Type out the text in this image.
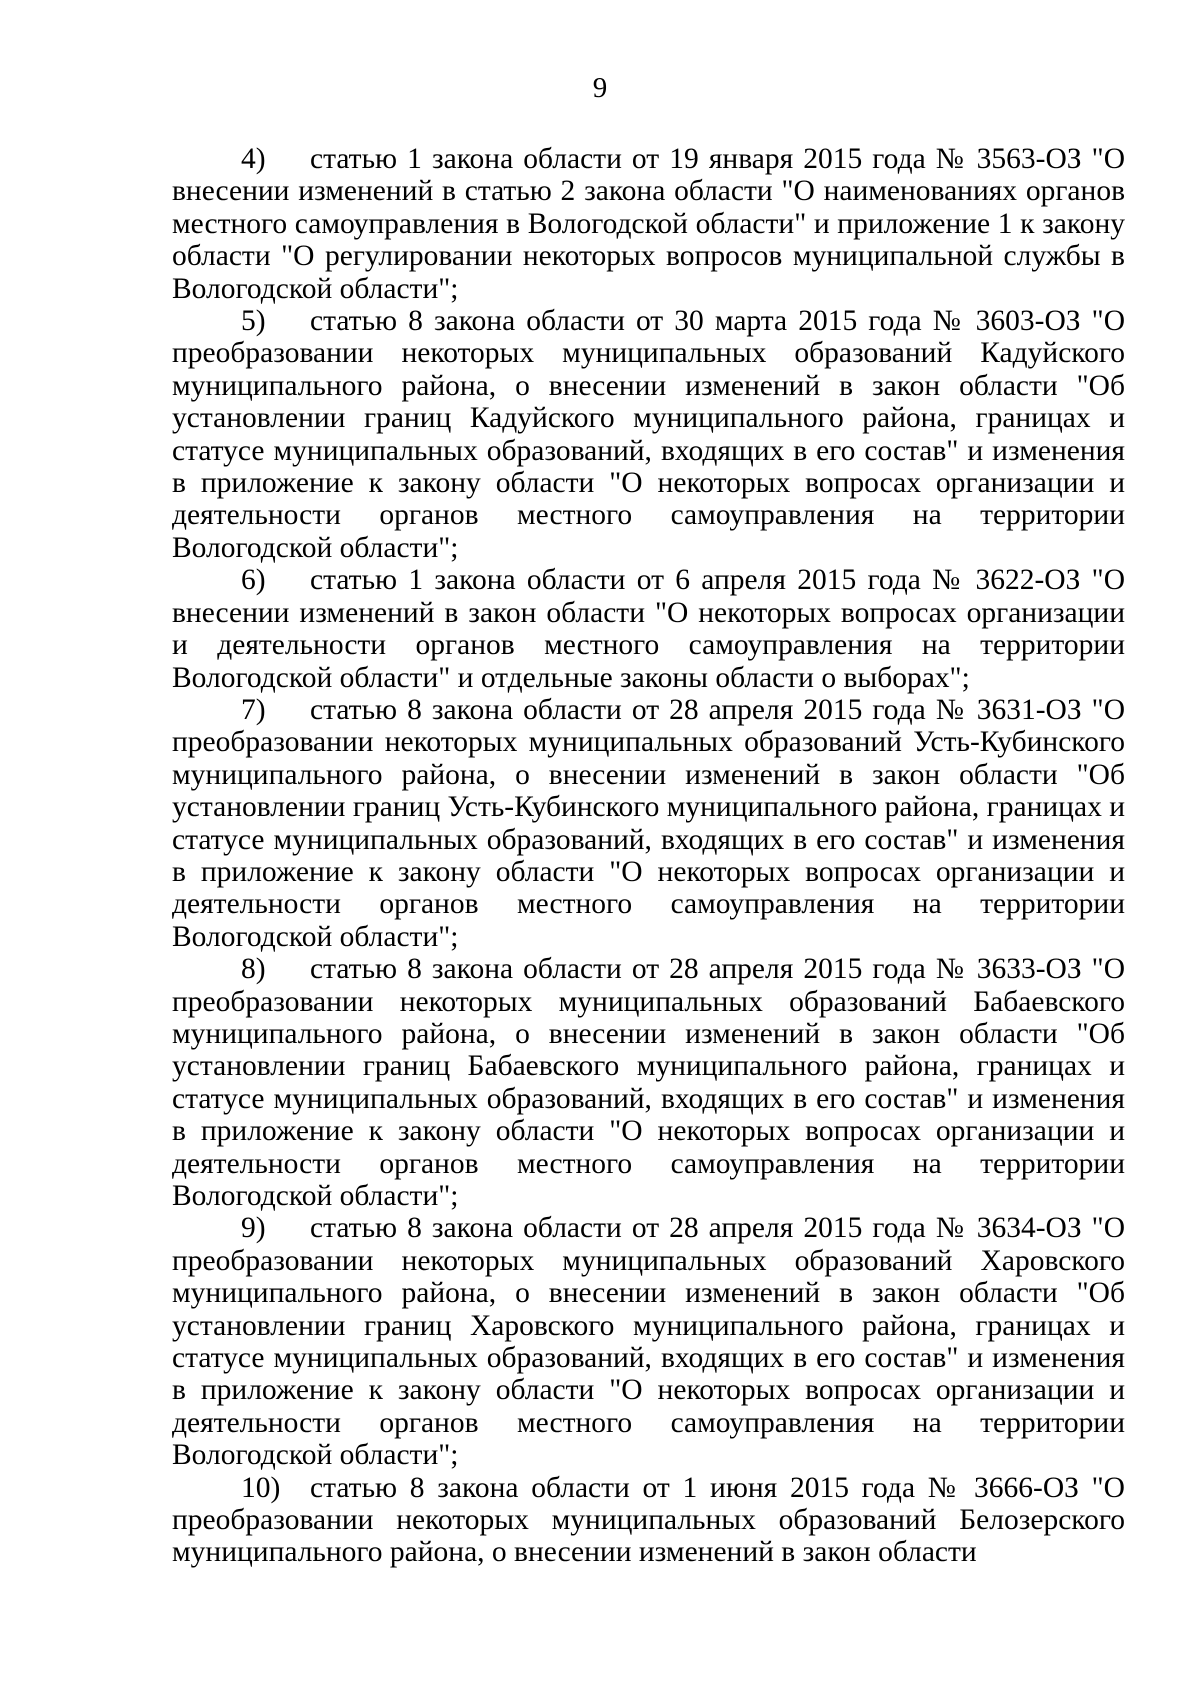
9

4) статью 1 закона области от 19 января 2015 года № 3563-ОЗ "О внесении изменений в статью 2 закона области "О наименованиях органов местного самоуправления в Вологодской области" и приложение 1 к закону области "О регулировании некоторых вопросов муниципальной службы в Вологодской области";

5) статью 8 закона области от 30 марта 2015 года № 3603-ОЗ "О преобразовании некоторых муниципальных образований Кадуйского муниципального района, о внесении изменений в закон области "Об установлении границ Кадуйского муниципального района, границах и статусе муниципальных образований, входящих в его состав" и изменения в приложение к закону области "О некоторых вопросах организации и деятельности органов местного самоуправления на территории Вологодской области";

6) статью 1 закона области от 6 апреля 2015 года № 3622-ОЗ "О внесении изменений в закон области "О некоторых вопросах организации и деятельности органов местного самоуправления на территории Вологодской области" и отдельные законы области о выборах";

7) статью 8 закона области от 28 апреля 2015 года № 3631-ОЗ "О преобразовании некоторых муниципальных образований Усть-Кубинского муниципального района, о внесении изменений в закон области "Об установлении границ Усть-Кубинского муниципального района, границах и статусе муниципальных образований, входящих в его состав" и изменения в приложение к закону области "О некоторых вопросах организации и деятельности органов местного самоуправления на территории Вологодской области";

8) статью 8 закона области от 28 апреля 2015 года № 3633-ОЗ "О преобразовании некоторых муниципальных образований Бабаевского муниципального района, о внесении изменений в закон области "Об установлении границ Бабаевского муниципального района, границах и статусе муниципальных образований, входящих в его состав" и изменения в приложение к закону области "О некоторых вопросах организации и деятельности органов местного самоуправления на территории Вологодской области";

9) статью 8 закона области от 28 апреля 2015 года № 3634-ОЗ "О преобразовании некоторых муниципальных образований Харовского муниципального района, о внесении изменений в закон области "Об установлении границ Харовского муниципального района, границах и статусе муниципальных образований, входящих в его состав" и изменения в приложение к закону области "О некоторых вопросах организации и деятельности органов местного самоуправления на территории Вологодской области";

10) статью 8 закона области от 1 июня 2015 года № 3666-ОЗ "О преобразовании некоторых муниципальных образований Белозерского муниципального района, о внесении изменений в закон области
